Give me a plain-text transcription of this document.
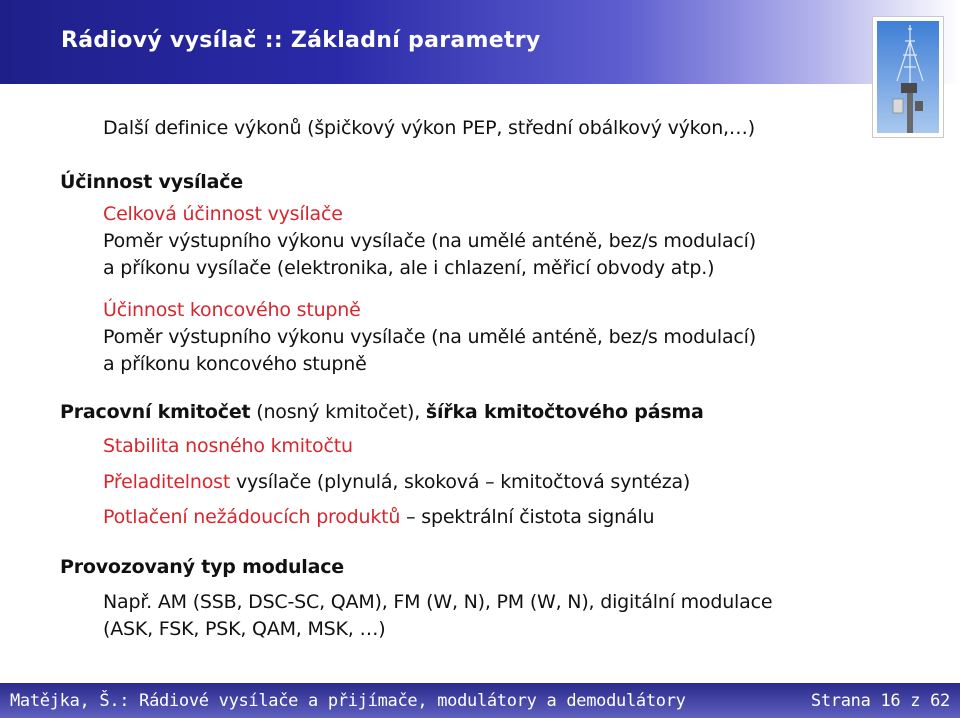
Rádiový vysílač :: Základní parametry
Další definice výkonů (špičkový výkon PEP, střední obálkový výkon,…)
Účinnost vysílače
Celková účinnost vysílače
Poměr výstupního výkonu vysílače (na umělé anténě, bez/s modulací)
a příkonu vysílače (elektronika, ale i chlazení, měřicí obvody atp.)
Účinnost koncového stupně
Poměr výstupního výkonu vysílače (na umělé anténě, bez/s modulací)
a příkonu koncového stupně
Pracovní kmitočet (nosný kmitočet), šířka kmitočtového pásma
Stabilita nosného kmitočtu
Přeladitelnost vysílače (plynulá, skoková – kmitočtová syntéza)
Potlačení nežádoucích produktů – spektrální čistota signálu
Provozovaný typ modulace
Např. AM (SSB, DSC-SC, QAM), FM (W, N), PM (W, N), digitální modulace
(ASK, FSK, PSK, QAM, MSK, …)
Matějka, Š.: Rádiové vysílače a přijímače, modulátory a demodulátory	Strana 16 z 62
